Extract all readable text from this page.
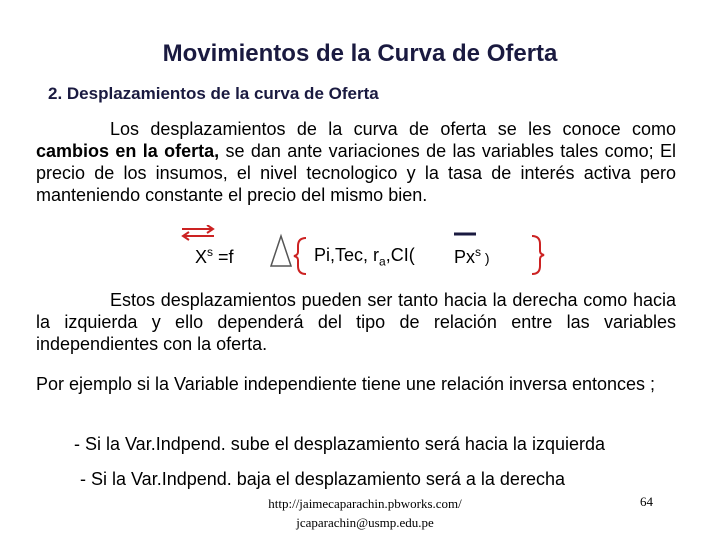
Movimientos de la Curva de Oferta
2. Desplazamientos de la curva de Oferta
Los desplazamientos de la curva de oferta se les conoce como cambios en la oferta, se dan ante variaciones de las variables tales como; El precio de los insumos, el nivel tecnologico y la tasa de interés activa pero manteniendo constante el precio del mismo bien.
$X^s =f$	Pi,Tec, $r_a,CI$( Px$^s$ )
Estos desplazamientos pueden ser tanto hacia la derecha como hacia la izquierda y ello dependerá del tipo de relación entre las variables independientes con la oferta.
Por ejemplo si la Variable independiente tiene une relación inversa entonces ;
- Si la Var.Indpend. sube el desplazamiento será hacia la izquierda
- Si la Var.Indpend. baja el desplazamiento será a la derecha
http://jaimecaparachin.pbworks.com/
jcaparachin@usmp.edu.pe
64
